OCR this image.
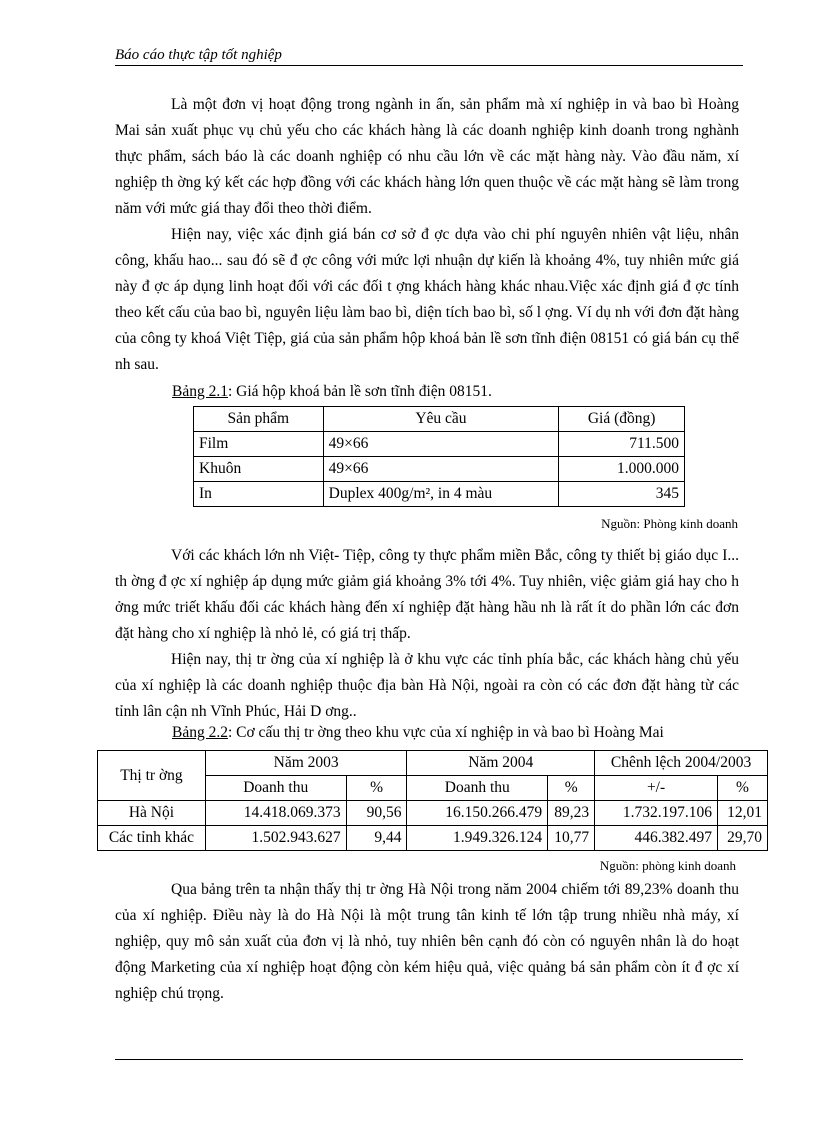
Báo cáo thực tập tốt nghiệp

Là một đơn vị hoạt động trong ngành in ấn, sản phẩm mà xí nghiệp in và bao bì Hoàng Mai sản xuất phục vụ chủ yếu cho các khách hàng là các doanh nghiệp kinh doanh trong nghành thực phẩm, sách báo là các doanh nghiệp có nhu cầu lớn về các mặt hàng này. Vào đầu năm, xí nghiệp th ờng ký kết các hợp đồng với các khách hàng lớn quen thuộc về các mặt hàng sẽ làm trong năm với mức giá thay đổi theo thời điểm.

Hiện nay, việc xác định giá bán cơ sở đ ợc dựa vào chi phí nguyên nhiên vật liệu, nhân công, khấu hao... sau đó sẽ đ ợc công với mức lợi nhuận dự kiến là khoảng 4%, tuy nhiên mức giá này đ ợc áp dụng linh hoạt đối với các đối t ợng khách hàng khác nhau.Việc xác định giá đ ợc tính theo kết cấu của bao bì, nguyên liệu làm bao bì, diện tích bao bì, số l ợng. Ví dụ nh với đơn đặt hàng của công ty khoá Việt Tiệp, giá của sản phẩm hộp khoá bản lề sơn tĩnh điện 08151 có giá bán cụ thể nh sau.

Bảng 2.1: Giá hộp khoá bản lề sơn tĩnh điện 08151.
Sản phẩm	Yêu cầu	Giá (đồng)
Film	49×66	711.500
Khuôn	49×66	1.000.000
In	Duplex 400g/m², in 4 màu	345
Nguồn: Phòng kinh doanh

Với các khách lớn nh Việt- Tiệp, công ty thực phẩm miền Bắc, công ty thiết bị giáo dục I... th ờng đ ợc xí nghiệp áp dụng mức giảm giá khoảng 3% tới 4%. Tuy nhiên, việc giảm giá hay cho h ởng mức triết khấu đối các khách hàng đến xí nghiệp đặt hàng hầu nh là rất ít do phần lớn các đơn đặt hàng cho xí nghiệp là nhỏ lẻ, có giá trị thấp.

Hiện nay, thị tr ờng của xí nghiệp là ở khu vực các tỉnh phía bắc, các khách hàng chủ yếu của xí nghiệp là các doanh nghiệp thuộc địa bàn Hà Nội, ngoài ra còn có các đơn đặt hàng từ các tỉnh lân cận nh Vĩnh Phúc, Hải D ơng..

Bảng 2.2: Cơ cấu thị tr ờng theo khu vực của xí nghiệp in và bao bì Hoàng Mai
Thị tr ờng	Năm 2003		Năm 2004		Chênh lệch 2004/2003	
	Doanh thu	%	Doanh thu	%	+/-	%
Hà Nội	14.418.069.373	90,56	16.150.266.479	89,23	1.732.197.106	12,01
Các tỉnh khác	1.502.943.627	9,44	1.949.326.124	10,77	446.382.497	29,70
Nguồn: phòng kinh doanh

Qua bảng trên ta nhận thấy thị tr ờng Hà Nội trong năm 2004 chiếm tới 89,23% doanh thu của xí nghiệp. Điều này là do Hà Nội là một trung tân kinh tế lớn tập trung nhiều nhà máy, xí nghiệp, quy mô sản xuất của đơn vị là nhỏ, tuy nhiên bên cạnh đó còn có nguyên nhân là do hoạt động Marketing của xí nghiệp hoạt động còn kém hiệu quả, việc quảng bá sản phẩm còn ít đ ợc xí nghiệp chú trọng.
